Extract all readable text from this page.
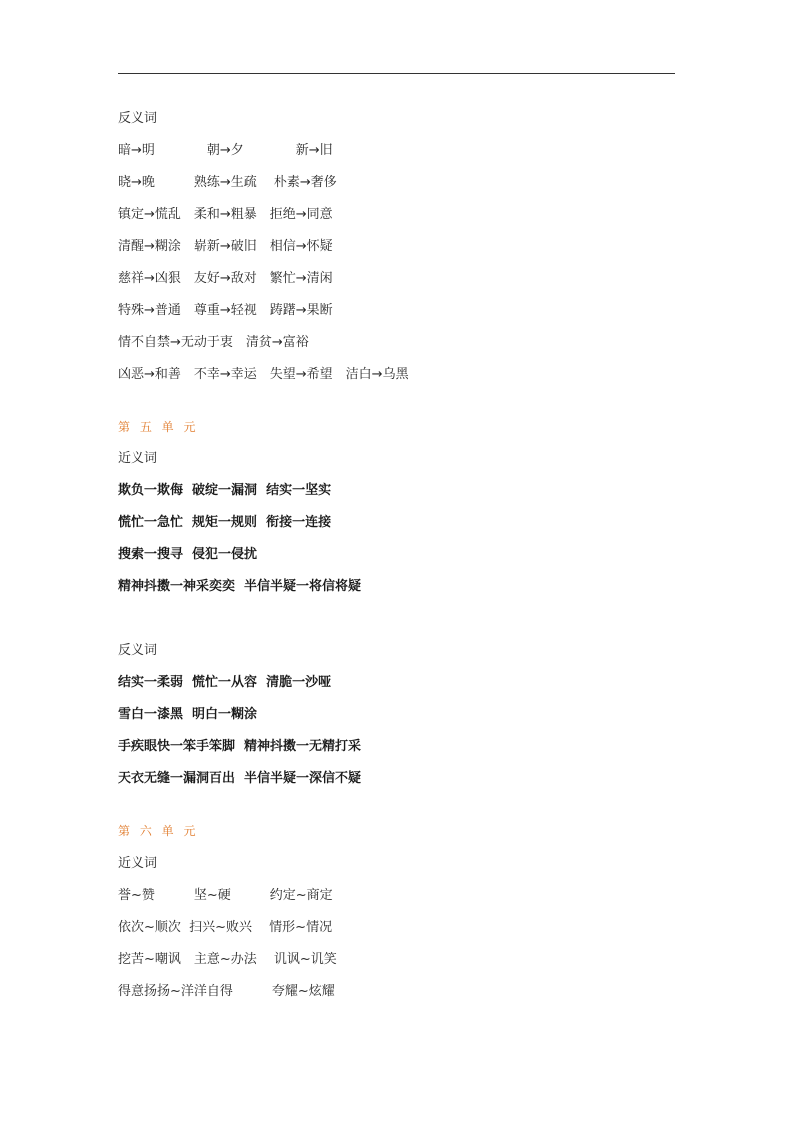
反义词
暗→明　　　　朝→夕　　　　新→旧
晓→晚　　　熟练→生疏　 朴素→奢侈
镇定→慌乱　柔和→粗暴　拒绝→同意
清醒→糊涂　崭新→破旧　相信→怀疑
慈祥→凶狠　友好→敌对　繁忙→清闲
特殊→普通　尊重→轻视　踌躇→果断
情不自禁→无动于衷　清贫→富裕
凶恶→和善　不幸→幸运　失望→希望　洁白→乌黑
第 五 单 元
近义词
欺负一欺侮  破绽一漏洞  结实一坚实
慌忙一急忙  规矩一规则  衔接一连接
搜索一搜寻  侵犯一侵扰
精神抖擞一神采奕奕  半信半疑一将信将疑
反义词
结实一柔弱  慌忙一从容  清脆一沙哑
雪白一漆黑  明白一糊涂
手疾眼快一笨手笨脚  精神抖擞一无精打采
天衣无缝一漏洞百出  半信半疑一深信不疑
第 六 单 元
近义词
誉~赞　　　坚~硬　　　约定~商定
依次~顺次  扫兴~败兴　 情形~情况
挖苦~嘲讽　主意~办法　 讥讽~讥笑
得意扬扬~洋洋自得　　　夸耀~炫耀
